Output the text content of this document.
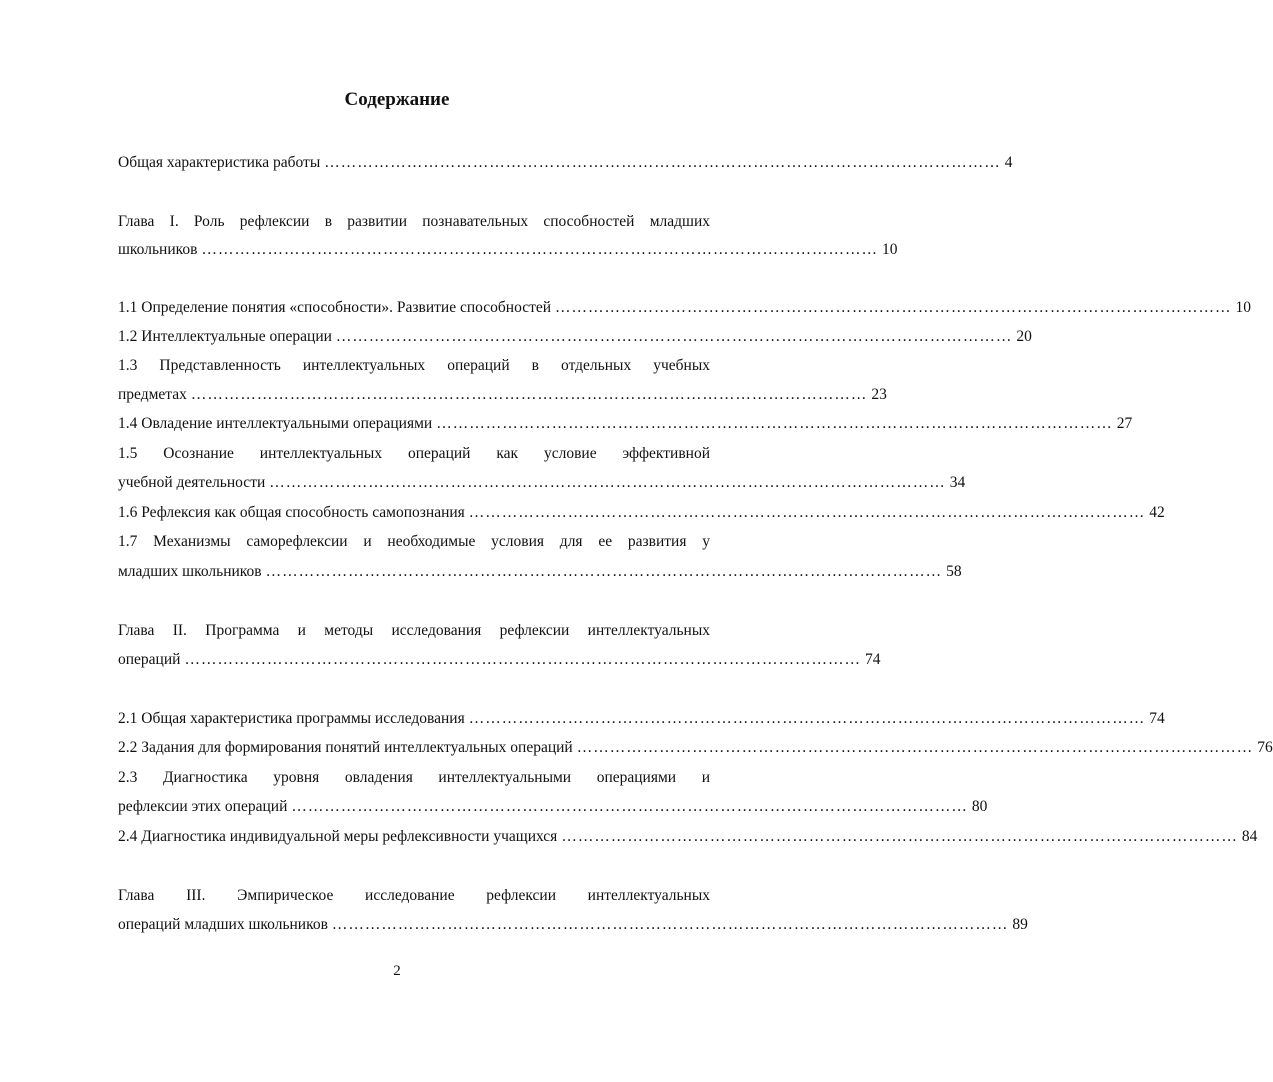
Содержание
Общая характеристика работы …………………………………………………………………………………………………………… 4
Глава I. Роль рефлексии в развитии познавательных способностей младших
школьников …………………………………………………………………………………………………………… 10
1.1 Определение понятия «способности». Развитие способностей …………………………………………………………………………………………………………… 10
1.2 Интеллектуальные операции …………………………………………………………………………………………………………… 20
1.3 Представленность интеллектуальных операций в отдельных учебных
предметах …………………………………………………………………………………………………………… 23
1.4 Овладение интеллектуальными операциями …………………………………………………………………………………………………………… 27
1.5 Осознание интеллектуальных операций как условие эффективной
учебной деятельности …………………………………………………………………………………………………………… 34
1.6 Рефлексия как общая способность самопознания …………………………………………………………………………………………………………… 42
1.7 Механизмы саморефлексии и необходимые условия для ее развития у
младших школьников …………………………………………………………………………………………………………… 58
Глава II. Программа и методы исследования рефлексии интеллектуальных
операций …………………………………………………………………………………………………………… 74
2.1 Общая характеристика программы исследования …………………………………………………………………………………………………………… 74
2.2 Задания для формирования понятий интеллектуальных операций …………………………………………………………………………………………………………… 76
2.3 Диагностика уровня овладения интеллектуальными операциями и
рефлексии этих операций …………………………………………………………………………………………………………… 80
2.4 Диагностика индивидуальной меры рефлексивности учащихся …………………………………………………………………………………………………………… 84
Глава III. Эмпирическое исследование рефлексии интеллектуальных
операций младших школьников …………………………………………………………………………………………………………… 89
2
